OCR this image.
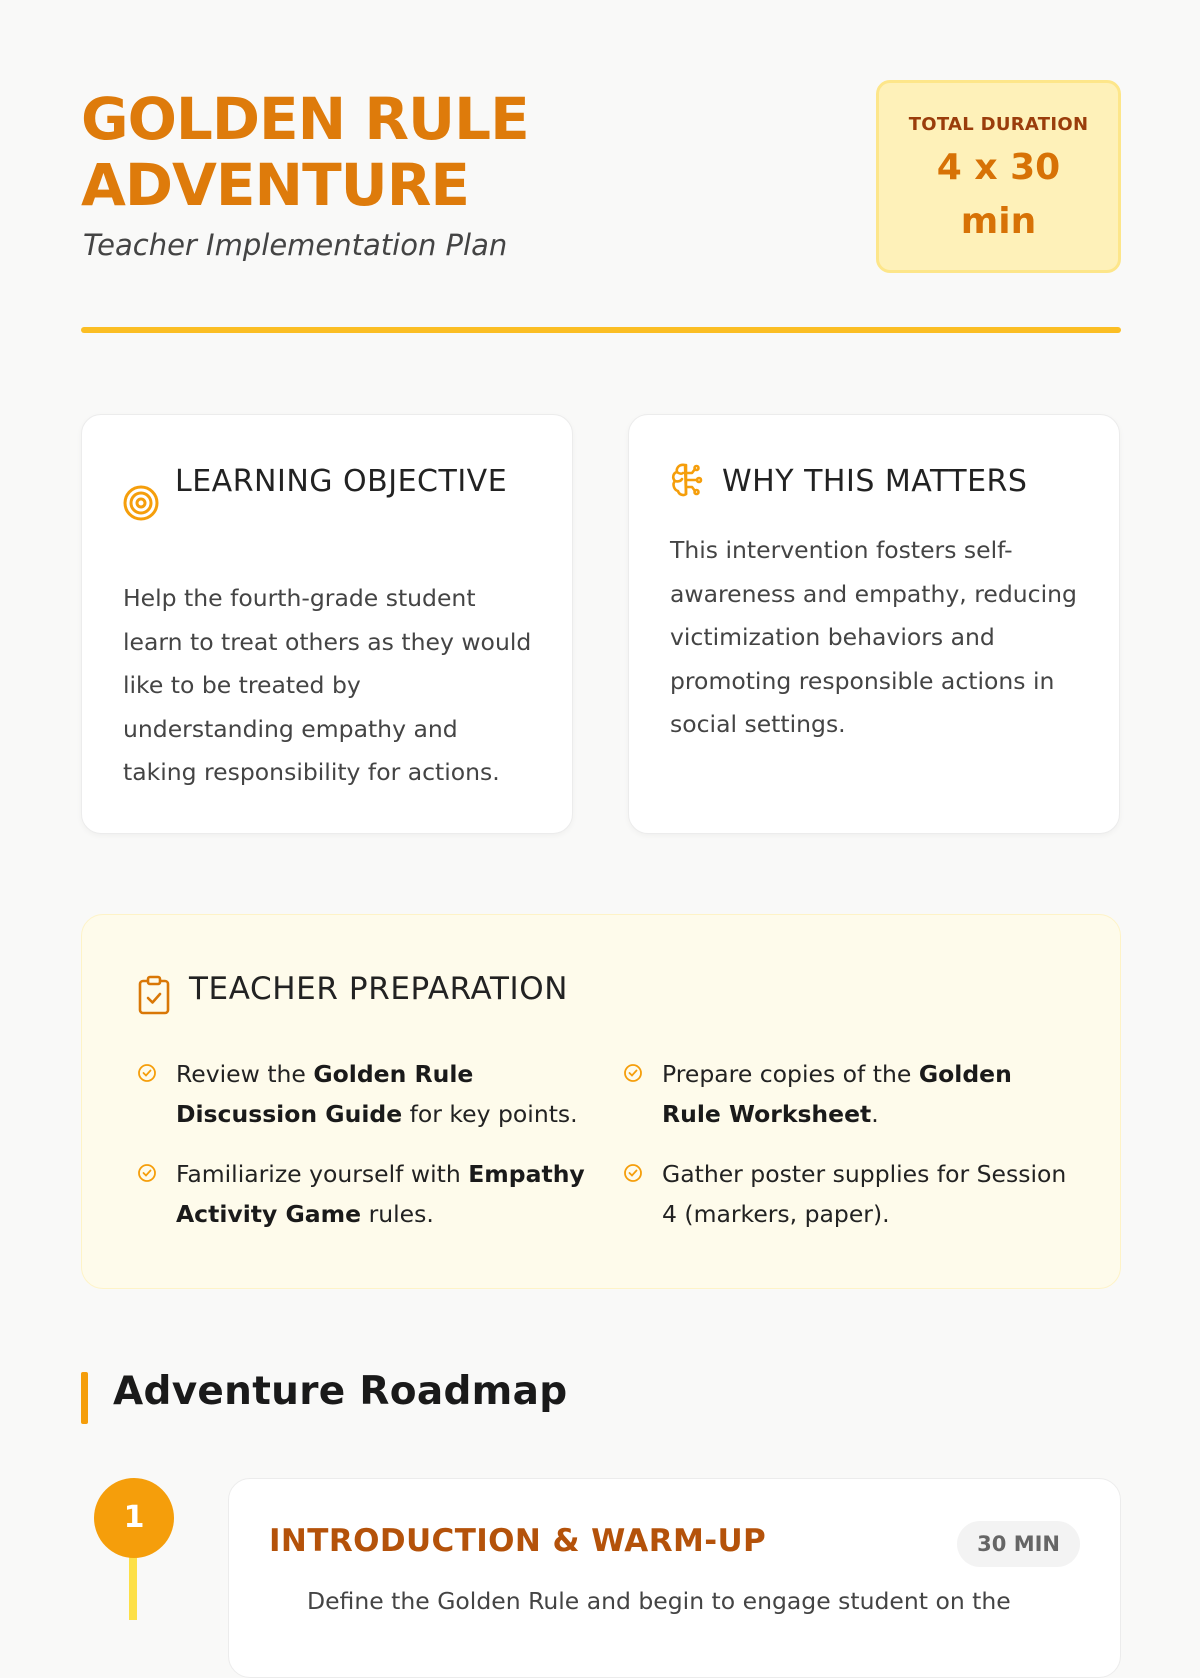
GOLDEN RULE ADVENTURE
Teacher Implementation Plan
TOTAL DURATION
4 x 30 min
LEARNING OBJECTIVE
Help the fourth-grade student learn to treat others as they would like to be treated by understanding empathy and taking responsibility for actions.
WHY THIS MATTERS
This intervention fosters self-awareness and empathy, reducing victimization behaviors and promoting responsible actions in social settings.
TEACHER PREPARATION
Review the Golden Rule Discussion Guide for key points.
Prepare copies of the Golden Rule Worksheet.
Familiarize yourself with Empathy Activity Game rules.
Gather poster supplies for Session 4 (markers, paper).
Adventure Roadmap
1
INTRODUCTION & WARM-UP	30 MIN
Define the Golden Rule and begin to engage student on the
